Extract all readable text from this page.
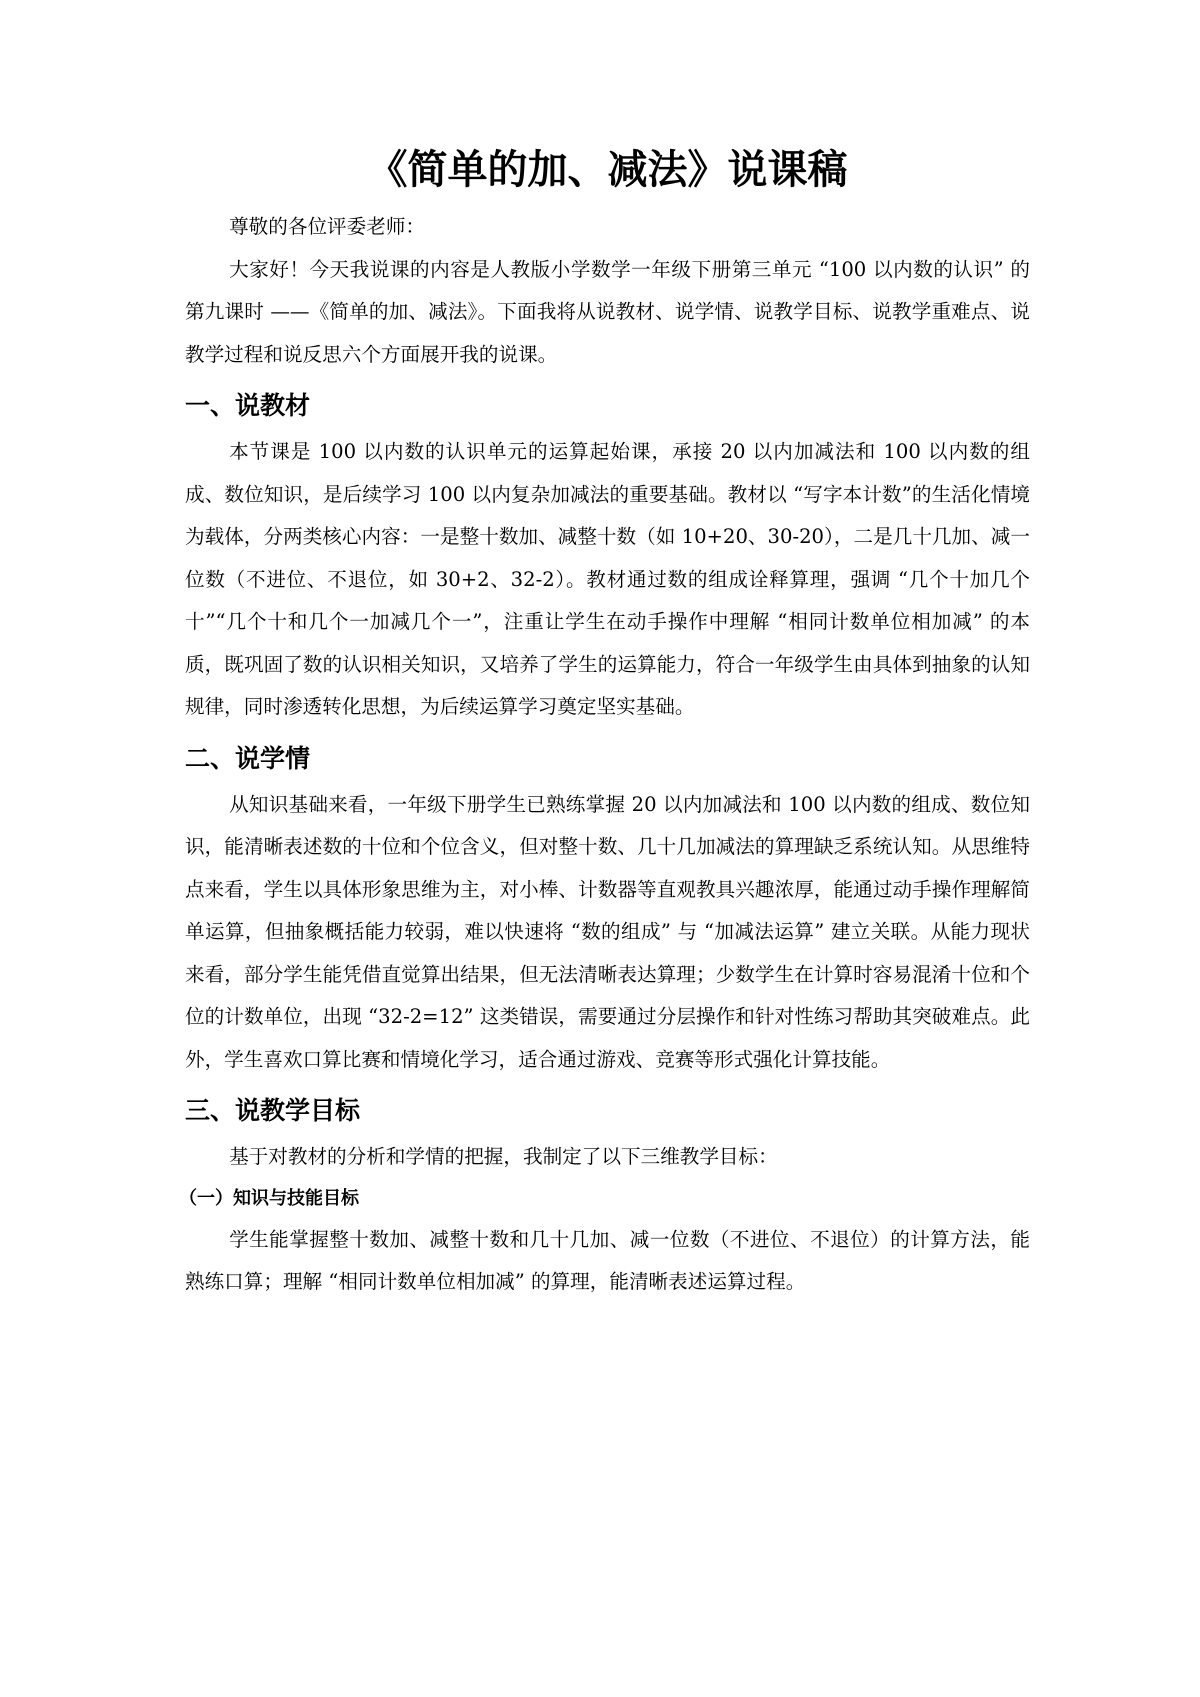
《简单的加、减法》说课稿

尊敬的各位评委老师：

大家好！今天我说课的内容是人教版小学数学一年级下册第三单元 “100 以内数的认识” 的第九课时 ——《简单的加、减法》。下面我将从说教材、说学情、说教学目标、说教学重难点、说教学过程和说反思六个方面展开我的说课。

一、说教材

本节课是 100 以内数的认识单元的运算起始课，承接 20 以内加减法和 100 以内数的组成、数位知识，是后续学习 100 以内复杂加减法的重要基础。教材以 “写字本计数”的生活化情境为载体，分两类核心内容：一是整十数加、减整十数（如 10+20、30-20），二是几十几加、减一位数（不进位、不退位，如 30+2、32-2）。教材通过数的组成诠释算理，强调 “几个十加几个十”“几个十和几个一加减几个一”，注重让学生在动手操作中理解 “相同计数单位相加减” 的本质，既巩固了数的认识相关知识，又培养了学生的运算能力，符合一年级学生由具体到抽象的认知规律，同时渗透转化思想，为后续运算学习奠定坚实基础。

二、说学情

从知识基础来看，一年级下册学生已熟练掌握 20 以内加减法和 100 以内数的组成、数位知识，能清晰表述数的十位和个位含义，但对整十数、几十几加减法的算理缺乏系统认知。从思维特点来看，学生以具体形象思维为主，对小棒、计数器等直观教具兴趣浓厚，能通过动手操作理解简单运算，但抽象概括能力较弱，难以快速将 “数的组成” 与 “加减法运算” 建立关联。从能力现状来看，部分学生能凭借直觉算出结果，但无法清晰表达算理；少数学生在计算时容易混淆十位和个位的计数单位，出现 “32-2=12” 这类错误，需要通过分层操作和针对性练习帮助其突破难点。此外，学生喜欢口算比赛和情境化学习，适合通过游戏、竞赛等形式强化计算技能。

三、说教学目标

基于对教材的分析和学情的把握，我制定了以下三维教学目标：

（一）知识与技能目标

学生能掌握整十数加、减整十数和几十几加、减一位数（不进位、不退位）的计算方法，能熟练口算；理解 “相同计数单位相加减” 的算理，能清晰表述运算过程。
